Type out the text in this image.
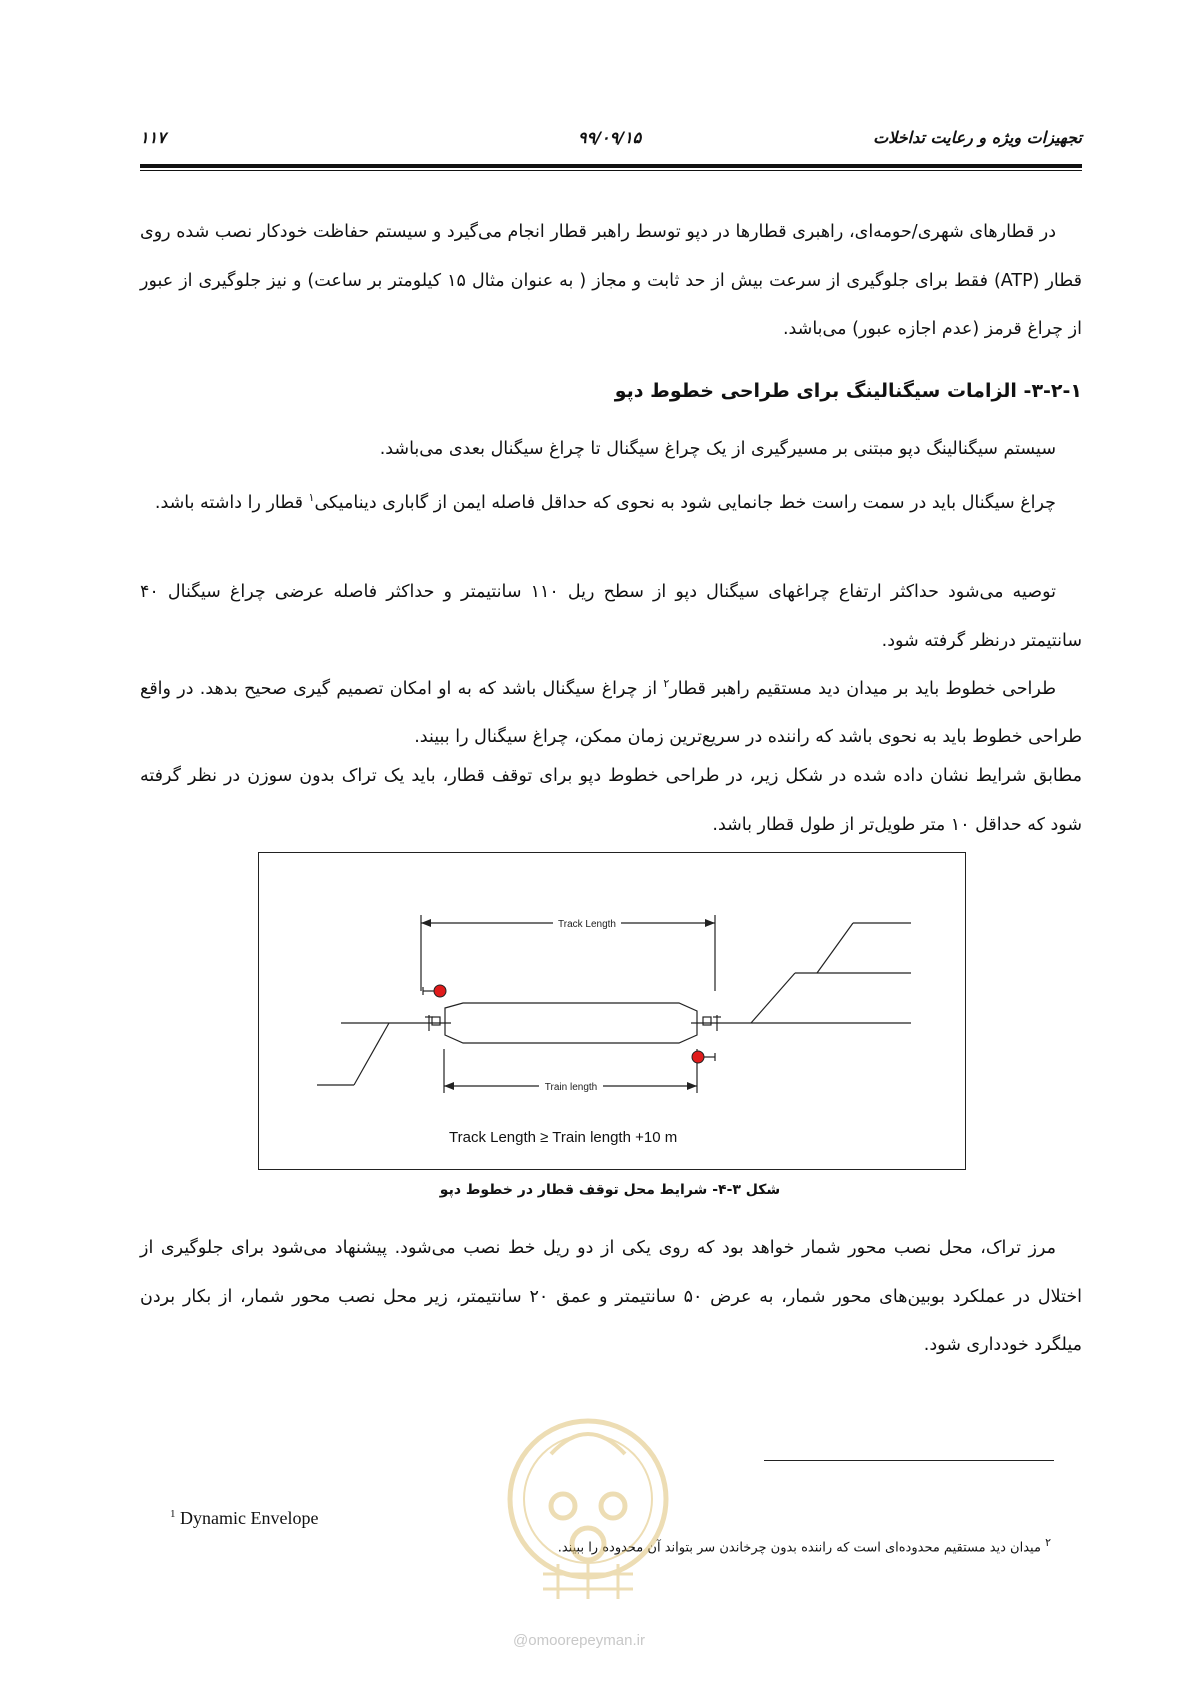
۱۱۷	۹۹/۰۹/۱۵	تجهیزات ویژه و رعایت تداخلات
در قطارهای شهری/حومه‌ای، راهبری قطارها در دپو توسط راهبر قطار انجام می‌گیرد و سیستم حفاظت خودکار نصب شده روی قطار (ATP) فقط برای جلوگیری از سرعت بیش از حد ثابت و مجاز ( به عنوان مثال ۱۵ کیلومتر بر ساعت) و نیز جلوگیری از عبور از چراغ قرمز (عدم اجازه عبور) می‌باشد.
۳-۲-۱- الزامات سیگنالینگ برای طراحی خطوط دپو
سیستم سیگنالینگ دپو مبتنی بر مسیرگیری از یک چراغ سیگنال تا چراغ سیگنال بعدی می‌باشد.
چراغ سیگنال باید در سمت راست خط جانمایی شود به نحوی که حداقل فاصله ایمن از گاباری دینامیکی$^۱$ قطار را داشته باشد.
توصیه می‌شود حداکثر ارتفاع چراغهای سیگنال دپو از سطح ریل ۱۱۰ سانتیمتر و حداکثر فاصله عرضی چراغ سیگنال ۴۰ سانتیمتر درنظر گرفته شود.
طراحی خطوط باید بر میدان دید مستقیم راهبر قطار$^۲$ از چراغ سیگنال باشد که به او امکان تصمیم گیری صحیح بدهد. در واقع طراحی خطوط باید به نحوی باشد که راننده در سریع‌ترین زمان ممکن، چراغ سیگنال را ببیند.
مطابق شرایط نشان داده شده در شکل زیر، در طراحی خطوط دپو برای توقف قطار، باید یک تراک بدون سوزن در نظر گرفته شود که حداقل ۱۰ متر طویل‌تر از طول قطار باشد.
Track Length
Train length
Track Length ≥ Train length +10 m
شکل ۳-۴- شرایط محل توقف قطار در خطوط دپو
مرز تراک، محل نصب محور شمار خواهد بود که روی یکی از دو ریل خط نصب می‌شود. پیشنهاد می‌شود برای جلوگیری از اختلال در عملکرد بوبین‌های محور شمار، به عرض ۵۰ سانتیمتر و عمق ۲۰ سانتیمتر، زیر محل نصب محور شمار، از بکار بردن میلگرد خودداری شود.
$^1$ Dynamic Envelope
$^۲$ میدان دید مستقیم محدوده‌ای است که راننده بدون چرخاندن سر بتواند آن محدوده را ببیند.
@omoorepeyman.ir
